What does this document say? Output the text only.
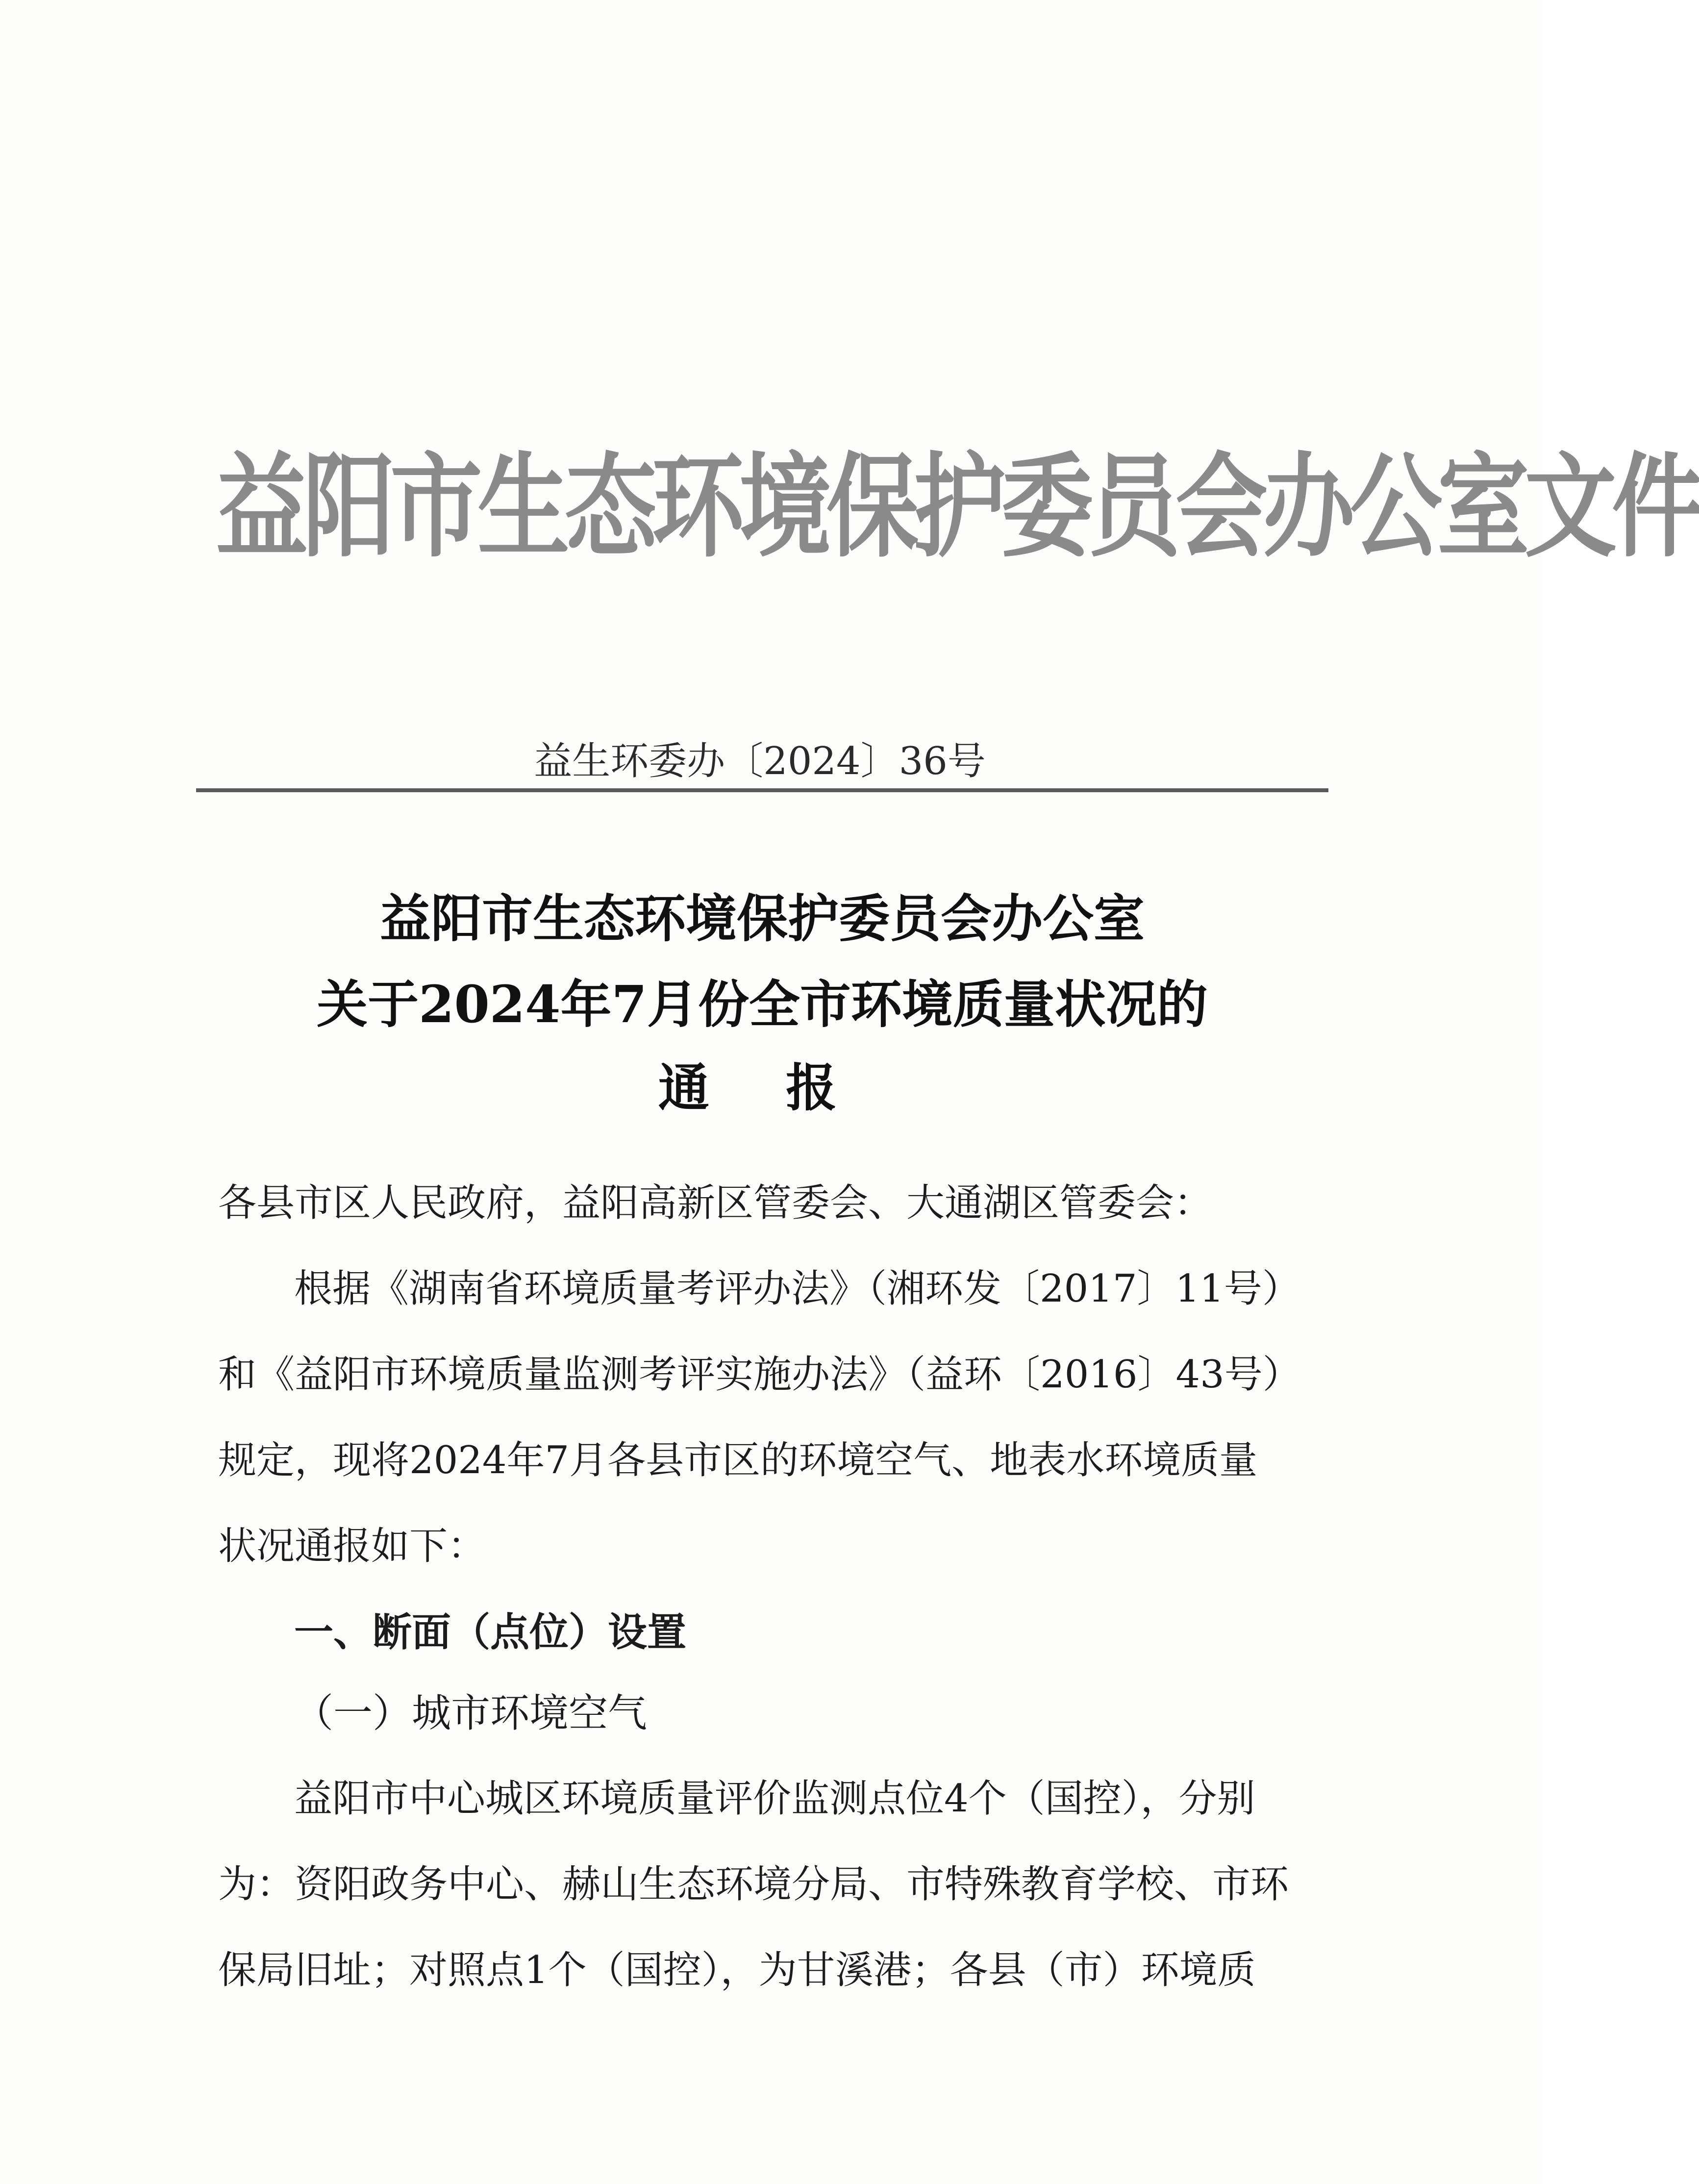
益阳市生态环境保护委员会办公室文件
益生环委办〔2024〕36号
益阳市生态环境保护委员会办公室
关于2024年7月份全市环境质量状况的
通 报
各县市区人民政府，益阳高新区管委会、大通湖区管委会：
根据《湖南省环境质量考评办法》（湘环发〔2017〕11号）
和《益阳市环境质量监测考评实施办法》（益环〔2016〕43号）
规定，现将2024年7月各县市区的环境空气、地表水环境质量
状况通报如下：
一、断面（点位）设置
（一）城市环境空气
益阳市中心城区环境质量评价监测点位4个（国控），分别
为：资阳政务中心、赫山生态环境分局、市特殊教育学校、市环
保局旧址；对照点1个（国控），为甘溪港；各县（市）环境质
